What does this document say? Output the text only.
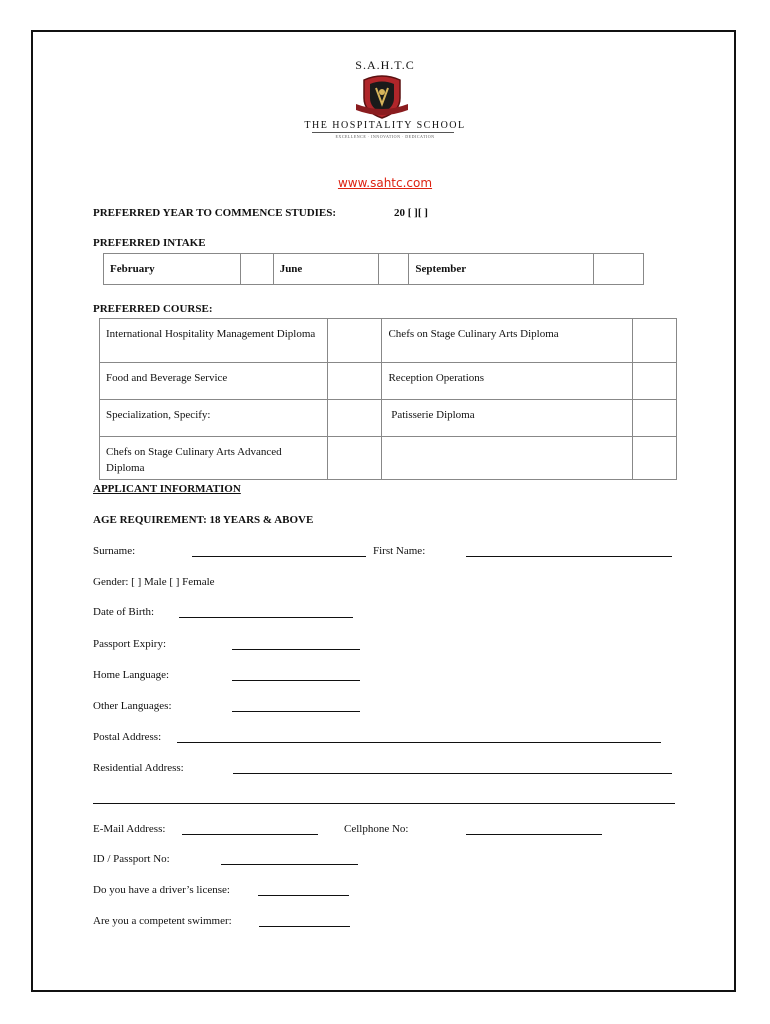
S.A.H.T.C
THE HOSPITALITY SCHOOL
EXCELLENCE · INNOVATION · DEDICATION
www.sahtc.com
PREFERRED YEAR TO COMMENCE STUDIES:	20 [ ][ ]
PREFERRED INTAKE
February		June		September	
PREFERRED COURSE:
International Hospitality Management Diploma		Chefs on Stage Culinary Arts Diploma	
Food and Beverage Service		Reception Operations	
Specialization, Specify:		Patisserie Diploma	
Chefs on Stage Culinary Arts Advanced Diploma			
APPLICANT INFORMATION
AGE REQUIREMENT: 18 YEARS & ABOVE
Surname:	First Name:
Gender: [ ] Male [ ] Female
Date of Birth:
Passport Expiry:
Home Language:
Other Languages:
Postal Address:
Residential Address:
E-Mail Address:	Cellphone No:
ID / Passport No:
Do you have a driver’s license:
Are you a competent swimmer:
